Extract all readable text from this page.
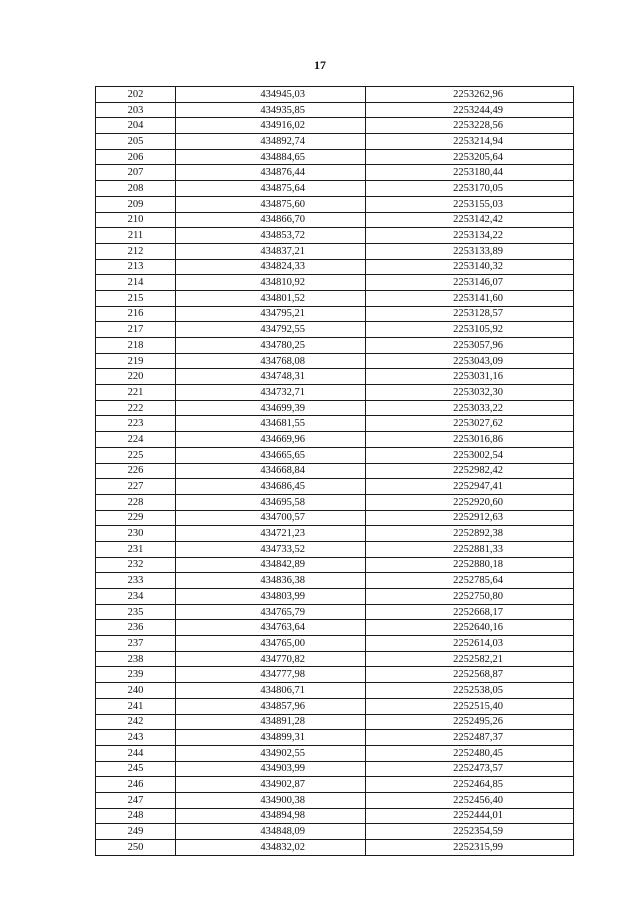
17
202	434945,03	2253262,96
203	434935,85	2253244,49
204	434916,02	2253228,56
205	434892,74	2253214,94
206	434884,65	2253205,64
207	434876,44	2253180,44
208	434875,64	2253170,05
209	434875,60	2253155,03
210	434866,70	2253142,42
211	434853,72	2253134,22
212	434837,21	2253133,89
213	434824,33	2253140,32
214	434810,92	2253146,07
215	434801,52	2253141,60
216	434795,21	2253128,57
217	434792,55	2253105,92
218	434780,25	2253057,96
219	434768,08	2253043,09
220	434748,31	2253031,16
221	434732,71	2253032,30
222	434699,39	2253033,22
223	434681,55	2253027,62
224	434669,96	2253016,86
225	434665,65	2253002,54
226	434668,84	2252982,42
227	434686,45	2252947,41
228	434695,58	2252920,60
229	434700,57	2252912,63
230	434721,23	2252892,38
231	434733,52	2252881,33
232	434842,89	2252880,18
233	434836,38	2252785,64
234	434803,99	2252750,80
235	434765,79	2252668,17
236	434763,64	2252640,16
237	434765,00	2252614,03
238	434770,82	2252582,21
239	434777,98	2252568,87
240	434806,71	2252538,05
241	434857,96	2252515,40
242	434891,28	2252495,26
243	434899,31	2252487,37
244	434902,55	2252480,45
245	434903,99	2252473,57
246	434902,87	2252464,85
247	434900,38	2252456,40
248	434894,98	2252444,01
249	434848,09	2252354,59
250	434832,02	2252315,99
